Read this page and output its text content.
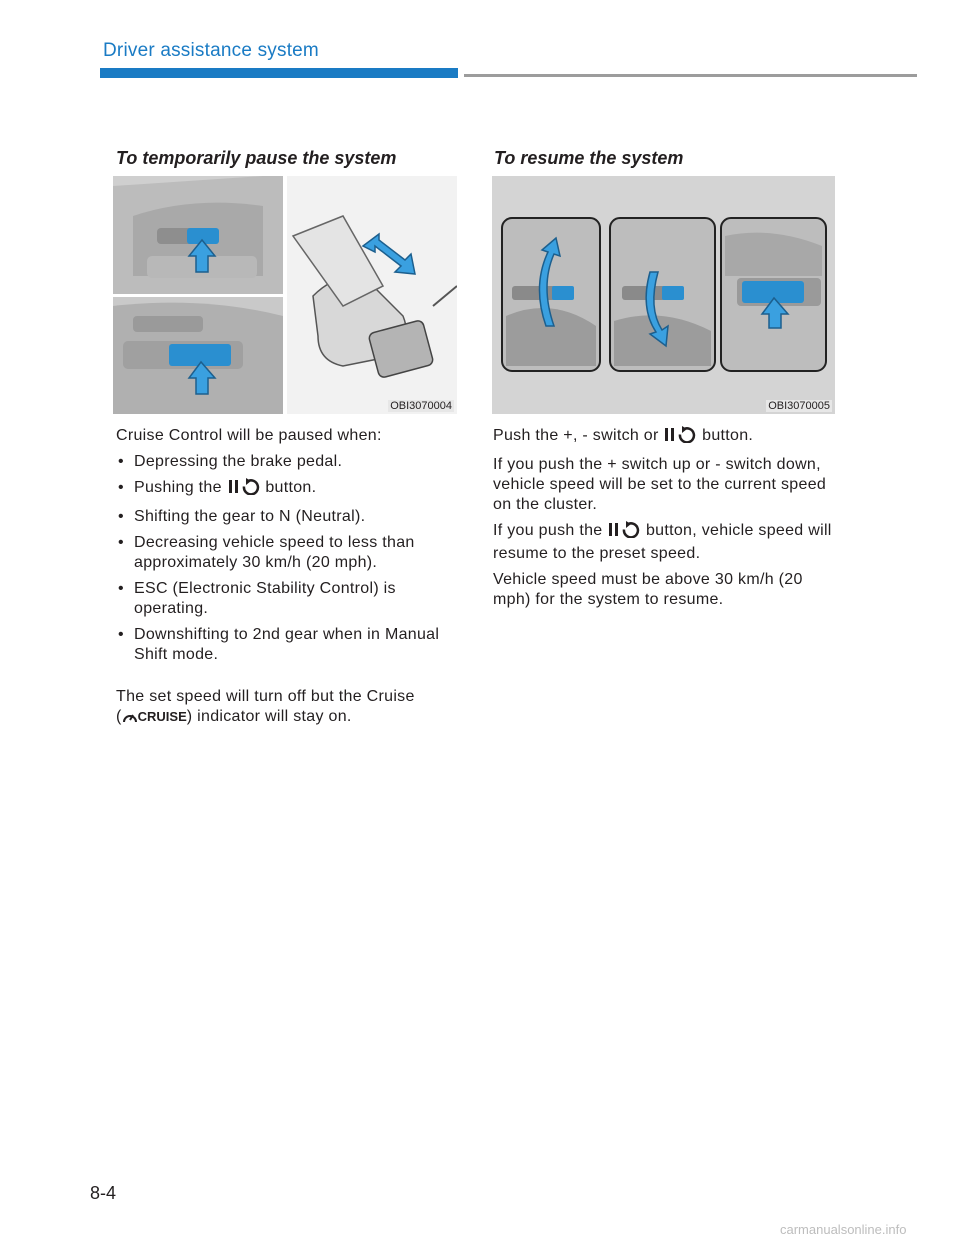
Driver assistance system
To temporarily pause the system
OBI3070004

Cruise Control will be paused when:

• Depressing the brake pedal.
• Pushing the	button.
• Shifting the gear to N (Neutral).
• Decreasing vehicle speed to less than approximately 30 km/h (20 mph).
• ESC (Electronic Stability Control) is operating.
• Downshifting to 2nd gear when in Manual Shift mode.

The set speed will turn off but the Cruise
( CRUISE) indicator will stay on.

To resume the system
OBI3070005

Push the +, - switch or	button.

If you push the + switch up or - switch down, vehicle speed will be set to the current speed on the cluster.

If you push the	button, vehicle speed will resume to the preset speed.

Vehicle speed must be above 30 km/h (20 mph) for the system to resume.

8-4
carmanualsonline.info
